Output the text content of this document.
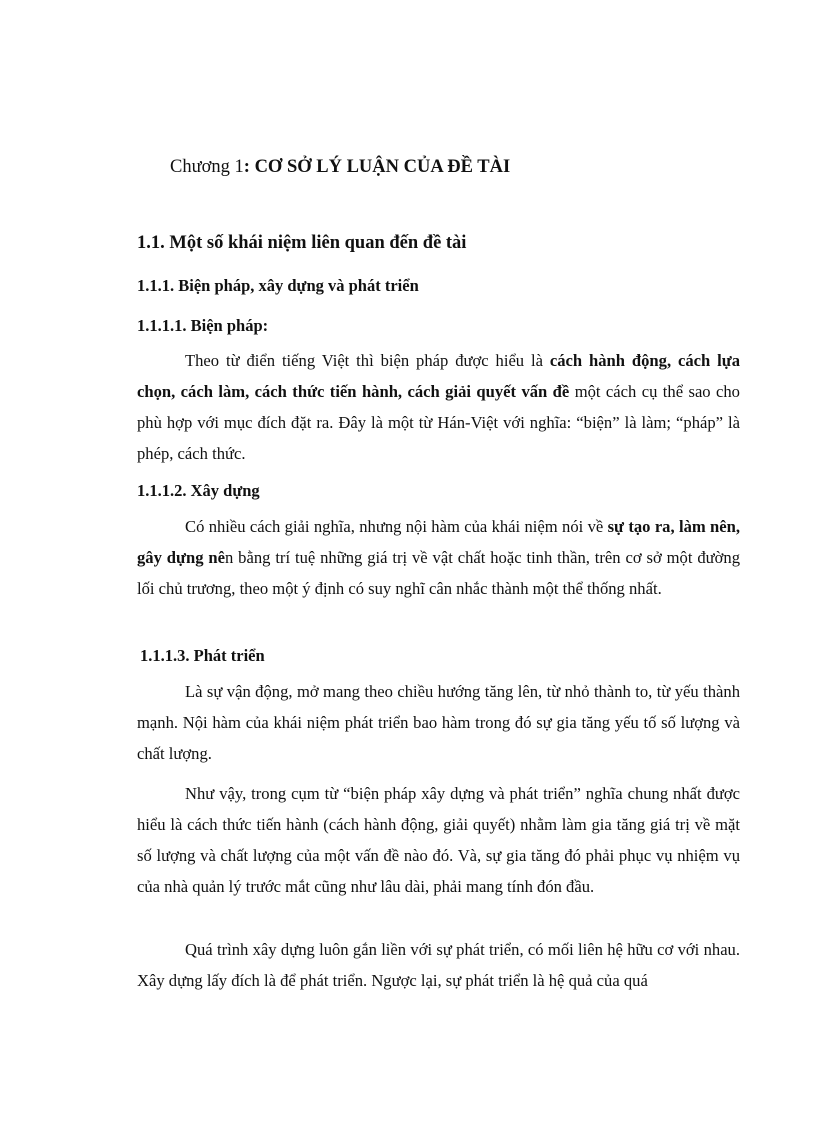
Chương 1: CƠ SỞ LÝ LUẬN CỦA ĐỀ TÀI
1.1. Một số khái niệm liên quan đến đề tài
1.1.1. Biện pháp, xây dựng và phát triển
1.1.1.1. Biện pháp:

Theo từ điển tiếng Việt thì biện pháp được hiểu là cách hành động, cách lựa chọn, cách làm, cách thức tiến hành, cách giải quyết vấn đề một cách cụ thể sao cho phù hợp với mục đích đặt ra. Đây là một từ Hán-Việt với nghĩa: “biện” là làm; “pháp” là phép, cách thức.

1.1.1.2. Xây dựng

Có nhiều cách giải nghĩa, nhưng nội hàm của khái niệm nói về sự tạo ra, làm nên, gây dựng nên bằng trí tuệ những giá trị về vật chất hoặc tinh thần, trên cơ sở một đường lối chủ trương, theo một ý định có suy nghĩ cân nhắc thành một thể thống nhất.

1.1.1.3. Phát triển

Là sự vận động, mở mang theo chiều hướng tăng lên, từ nhỏ thành to, từ yếu thành mạnh. Nội hàm của khái niệm phát triển bao hàm trong đó sự gia tăng yếu tố số lượng và chất lượng.

Như vậy, trong cụm từ “biện pháp xây dựng và phát triển” nghĩa chung nhất được hiểu là cách thức tiến hành (cách hành động, giải quyết) nhằm làm gia tăng giá trị về mặt số lượng và chất lượng của một vấn đề nào đó. Và, sự gia tăng đó phải phục vụ nhiệm vụ của nhà quản lý trước mắt cũng như lâu dài, phải mang tính đón đầu.

Quá trình xây dựng luôn gắn liền với sự phát triển, có mối liên hệ hữu cơ với nhau. Xây dựng lấy đích là để phát triển. Ngược lại, sự phát triển là hệ quả của quá
